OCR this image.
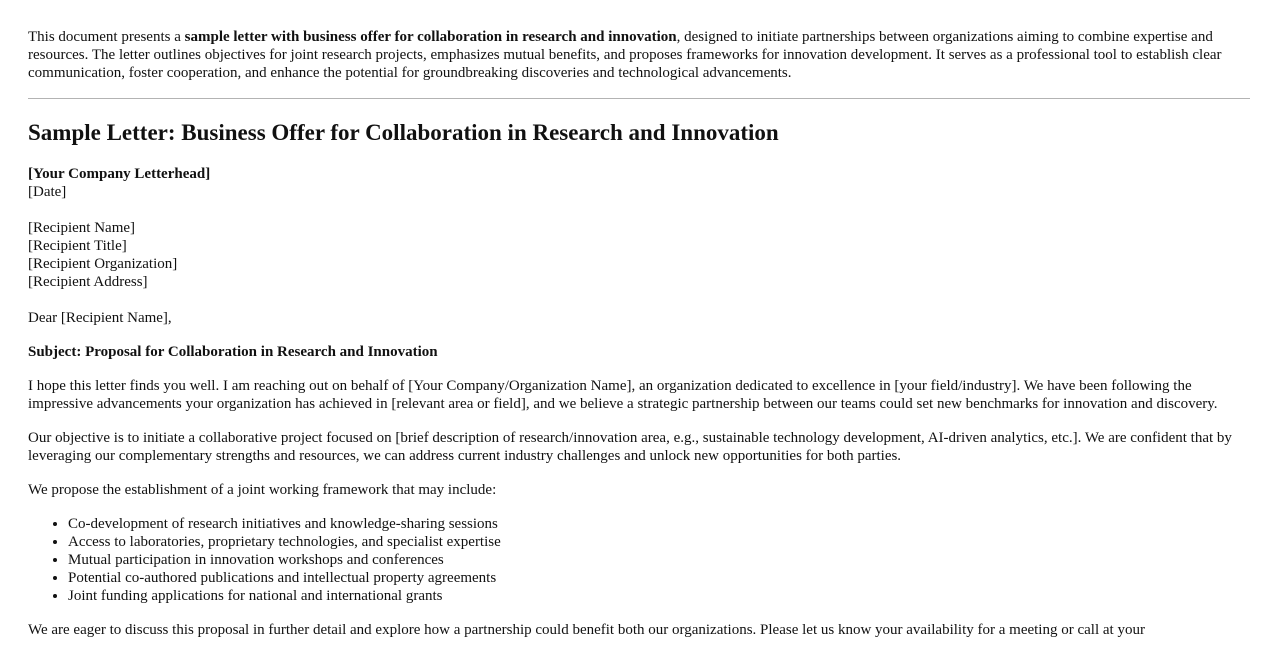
This document presents a sample letter with business offer for collaboration in research and innovation, designed to initiate partnerships between organizations aiming to combine expertise and resources. The letter outlines objectives for joint research projects, emphasizes mutual benefits, and proposes frameworks for innovation development. It serves as a professional tool to establish clear communication, foster cooperation, and enhance the potential for groundbreaking discoveries and technological advancements.

Sample Letter: Business Offer for Collaboration in Research and Innovation
[Your Company Letterhead]
[Date]
[Recipient Name]
[Recipient Title]
[Recipient Organization]
[Recipient Address]

Dear [Recipient Name],

Subject: Proposal for Collaboration in Research and Innovation

I hope this letter finds you well. I am reaching out on behalf of [Your Company/Organization Name], an organization dedicated to excellence in [your field/industry]. We have been following the impressive advancements your organization has achieved in [relevant area or field], and we believe a strategic partnership between our teams could set new benchmarks for innovation and discovery.

Our objective is to initiate a collaborative project focused on [brief description of research/innovation area, e.g., sustainable technology development, AI-driven analytics, etc.]. We are confident that by leveraging our complementary strengths and resources, we can address current industry challenges and unlock new opportunities for both parties.

We propose the establishment of a joint working framework that may include:

• Co-development of research initiatives and knowledge-sharing sessions
• Access to laboratories, proprietary technologies, and specialist expertise
• Mutual participation in innovation workshops and conferences
• Potential co-authored publications and intellectual property agreements
• Joint funding applications for national and international grants

We are eager to discuss this proposal in further detail and explore how a partnership could benefit both our organizations. Please let us know your availability for a meeting or call at your
